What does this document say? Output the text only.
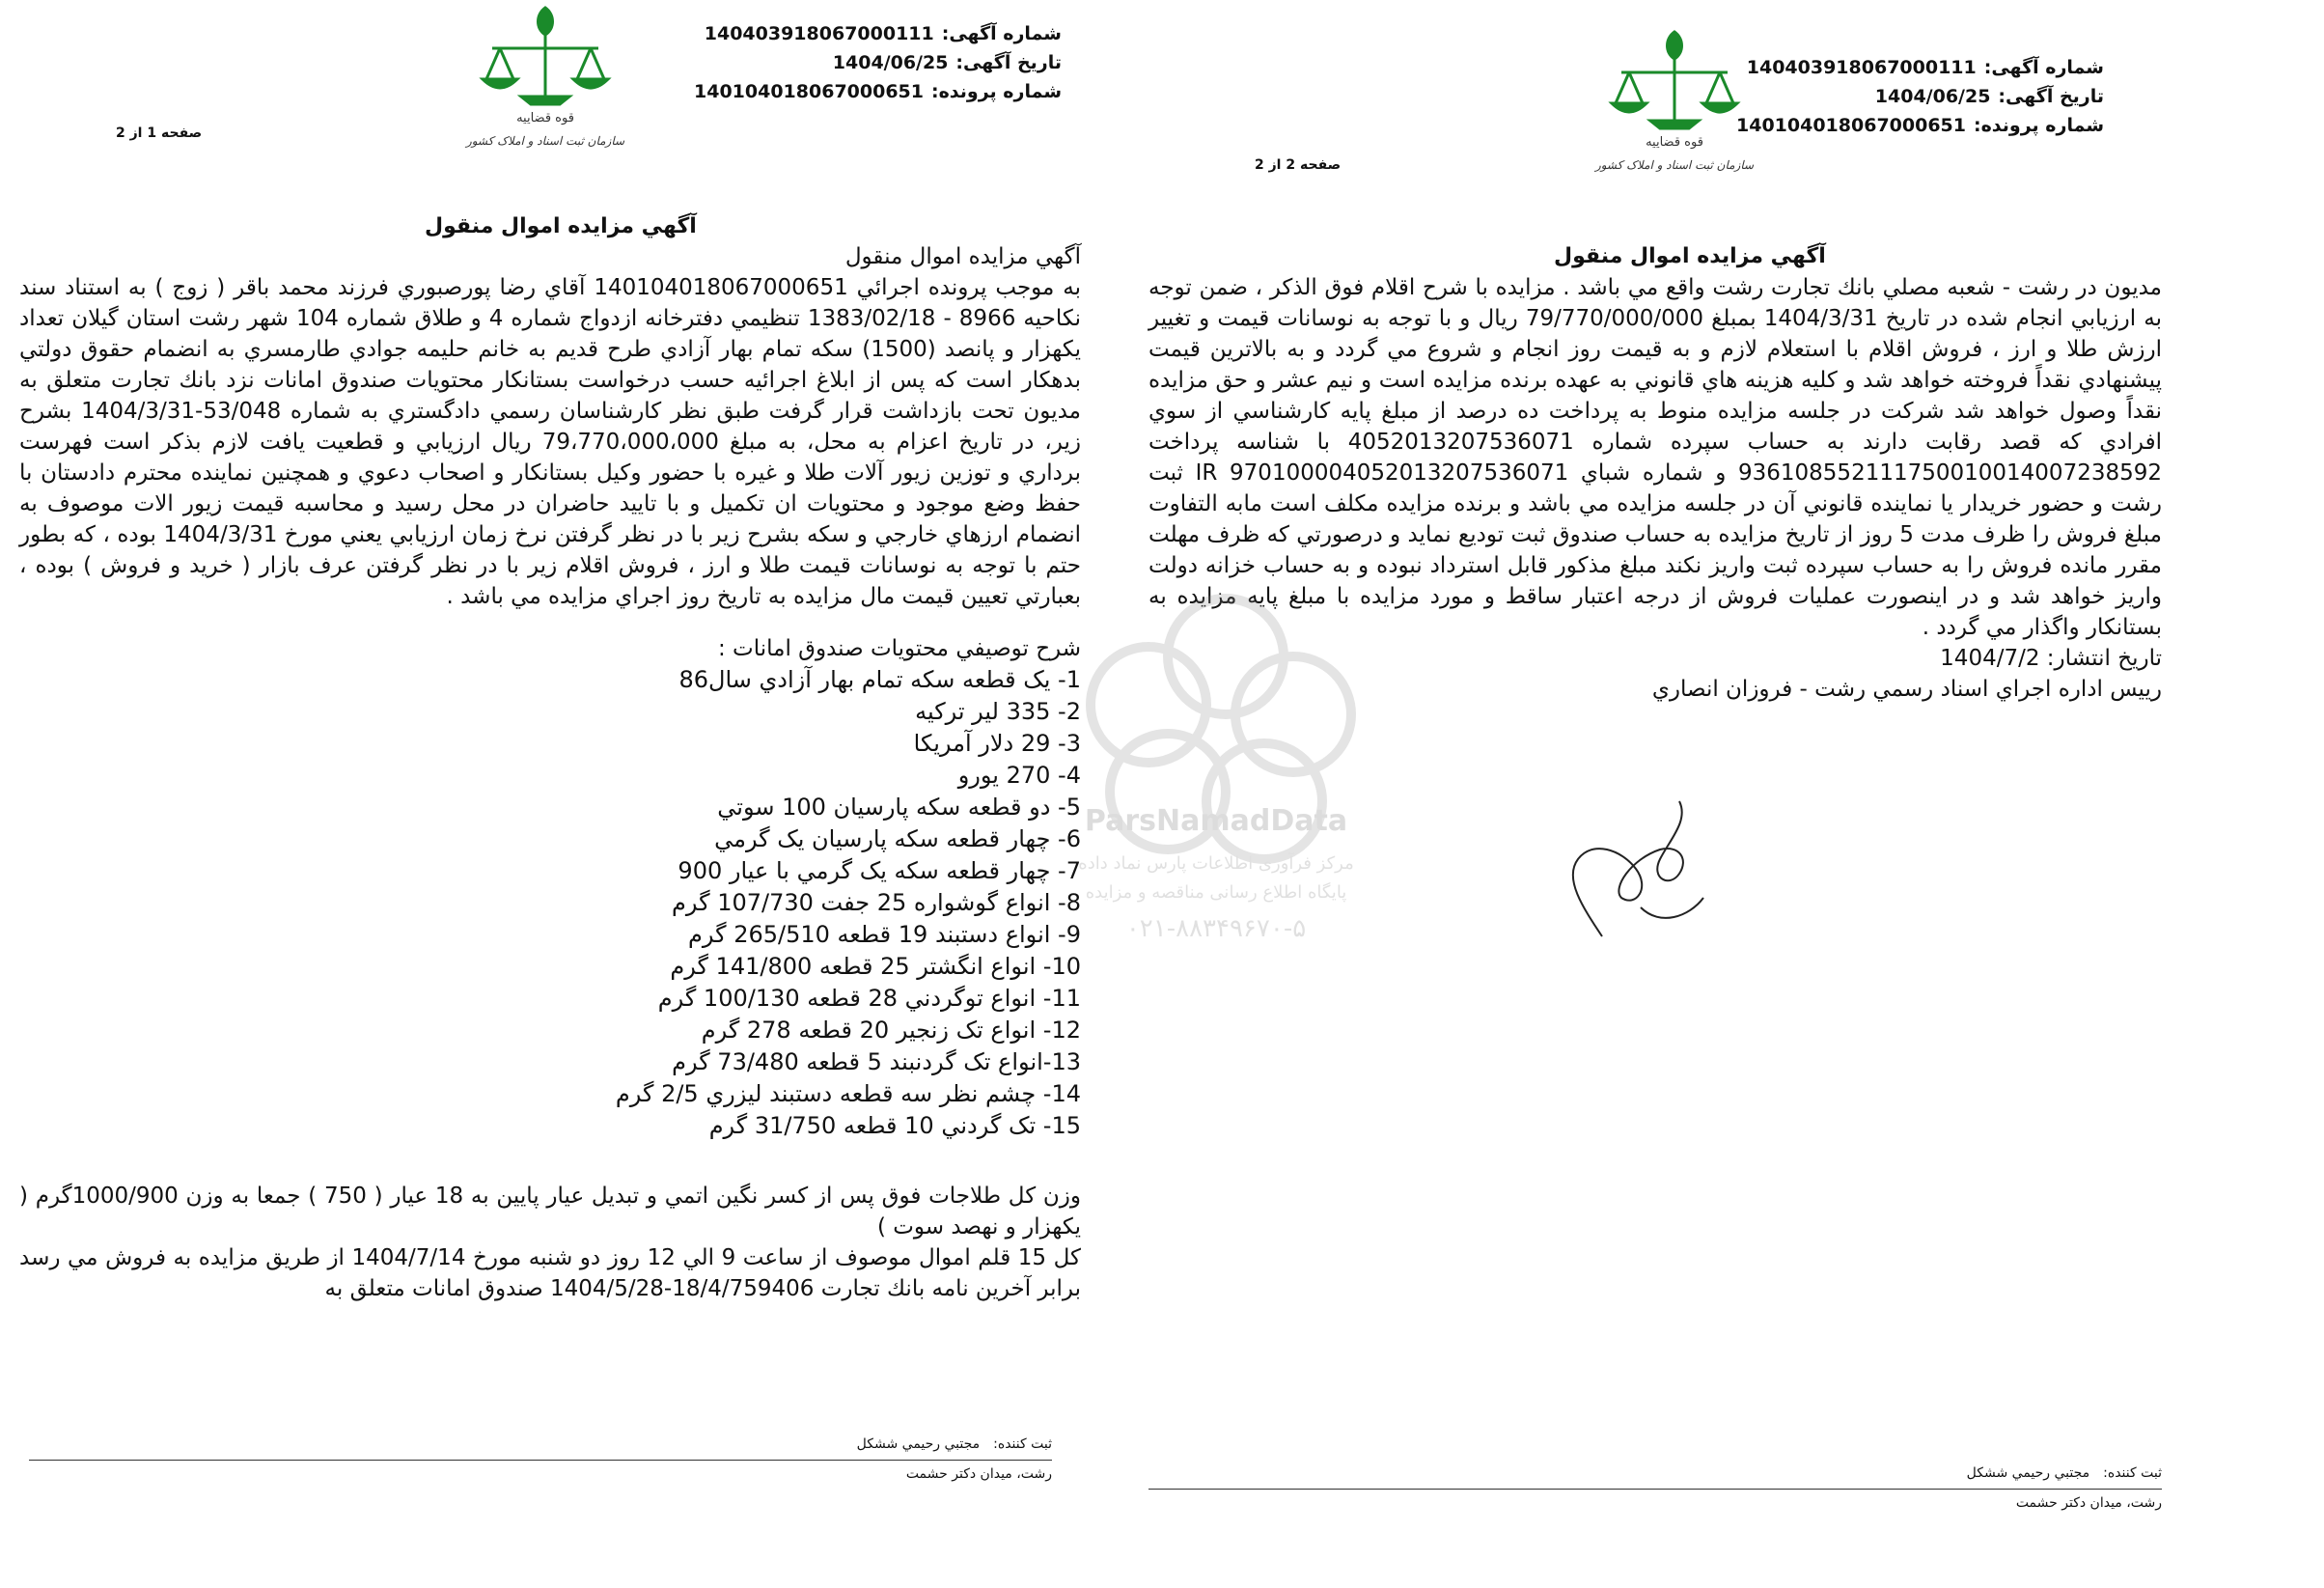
شماره آگهی:140403918067000111
تاریخ آگهی:1404/06/25
شماره پرونده:140104018067000651
قوه قضاییه
سازمان ثبت اسناد و املاک کشور
صفحه 1 از 2
آگهي مزايده اموال منقول

آگهي مزايده اموال منقول

به موجب پرونده اجرائي 140104018067000651 آقاي رضا پورصبوري فرزند محمد باقر ( زوج ) به استناد سند نكاحيه 8966 - 1383/02/18 تنظيمي دفترخانه ازدواج شماره 4 و طلاق شماره 104 شهر رشت استان گيلان تعداد يكهزار و پانصد (1500) سكه تمام بهار آزادي طرح قديم به خانم حليمه جوادي طارمسري به انضمام حقوق دولتي بدهكار است كه پس از ابلاغ اجرائيه حسب درخواست بستانكار محتويات صندوق امانات نزد بانك تجارت متعلق به مديون تحت بازداشت قرار گرفت طبق نظر كارشناسان رسمي دادگستري به شماره 53/048-1404/3/31 بشرح زير، در تاريخ اعزام به محل، به مبلغ 79،770،000،000 ريال ارزيابي و قطعيت يافت لازم بذكر است فهرست برداري و توزين زيور آلات طلا و غيره با حضور وكيل بستانكار و اصحاب دعوي و همچنين نماينده محترم دادستان با حفظ وضع موجود و محتويات ان تكميل و با تاييد حاضران در محل رسيد و محاسبه قيمت زيور الات موصوف به انضمام ارزهاي خارجي و سكه بشرح زير با در نظر گرفتن نرخ زمان ارزيابي يعني مورخ 1404/3/31 بوده ، كه بطور حتم با توجه به نوسانات قيمت طلا و ارز ، فروش اقلام زير با در نظر گرفتن عرف بازار ( خريد و فروش ) بوده ، بعبارتي تعيين قيمت مال مزايده به تاريخ روز اجراي مزايده مي باشد .

شرح توصيفي محتويات صندوق امانات :

1- يک قطعه سکه تمام بهار آزادي سال86
2- 335 لير ترکيه
3- 29 دلار آمريکا
4- 270 يورو
5- دو قطعه سکه پارسيان 100 سوتي
6- چهار قطعه سکه پارسيان يک گرمي
7- چهار قطعه سکه يک گرمي با عيار 900
8- انواع گوشواره 25 جفت 107/730 گرم
9- انواع دستبند 19 قطعه 265/510 گرم
10- انواع انگشتر 25 قطعه 141/800 گرم
11- انواع توگردني 28 قطعه 100/130 گرم
12- انواع تک زنجير 20 قطعه 278 گرم
13-انواع تک گردنبند 5 قطعه 73/480 گرم
14- چشم نظر سه قطعه دستبند ليزري 2/5 گرم
15- تک گردني 10 قطعه 31/750 گرم

وزن كل طلاجات فوق پس از كسر نگين اتمي و تبديل عيار پايين به 18 عيار ( 750 ) جمعا به وزن 1000/900گرم ( يكهزار و نهصد سوت )

كل 15 قلم اموال موصوف از ساعت 9 الي 12 روز دو شنبه مورخ 1404/7/14 از طريق مزايده به فروش مي رسد برابر آخرين نامه بانك تجارت 18/4/759406-1404/5/28 صندوق امانات متعلق به

ثبت كننده:مجتبي رحيمي ششكل
رشت، ميدان دكتر حشمت
شماره آگهی:140403918067000111
تاریخ آگهی:1404/06/25
شماره پرونده:140104018067000651
قوه قضاییه
سازمان ثبت اسناد و املاک کشور
صفحه 2 از 2
آگهي مزايده اموال منقول

مديون در رشت - شعبه مصلي بانك تجارت رشت واقع مي باشد . مزايده با شرح اقلام فوق الذكر ، ضمن توجه به ارزيابي انجام شده در تاريخ 1404/3/31 بمبلغ 79/770/000/000 ريال و با توجه به نوسانات قيمت و تغيير ارزش طلا و ارز ، فروش اقلام با استعلام لازم و به قيمت روز انجام و شروع مي گردد و به بالاترين قيمت پيشنهادي نقداً فروخته خواهد شد و كليه هزينه هاي قانوني به عهده برنده مزايده است و نيم عشر و حق مزايده نقداً وصول خواهد شد شركت در جلسه مزايده منوط به پرداخت ده درصد از مبلغ پايه كارشناسي از سوي افرادي كه قصد رقابت دارند به حساب سپرده شماره 4052013207536071 با شناسه پرداخت 936108552111750010014007238592 و شماره شباي IR 970100004052013207536071 ثبت رشت و حضور خريدار يا نماينده قانوني آن در جلسه مزايده مي باشد و برنده مزايده مكلف است مابه التفاوت مبلغ فروش را ظرف مدت 5 روز از تاريخ مزايده به حساب صندوق ثبت توديع نمايد و درصورتي كه ظرف مهلت مقرر مانده فروش را به حساب سپرده ثبت واريز نكند مبلغ مذكور قابل استرداد نبوده و به حساب خزانه دولت واريز خواهد شد و در اينصورت عمليات فروش از درجه اعتبار ساقط و مورد مزايده با مبلغ پايه مزايده به بستانكار واگذار مي گردد .

تاريخ انتشار: 1404/7/2

رييس اداره اجراي اسناد رسمي رشت - فروزان انصاري

ثبت كننده:مجتبي رحيمي ششكل
رشت، ميدان دكتر حشمت
ParsNamadData
مرکز فرآوری اطلاعات پارس نماد داده
پایگاه اطلاع رسانی مناقصه و مزایده
۰۲۱-۸۸۳۴۹۶۷۰-۵
